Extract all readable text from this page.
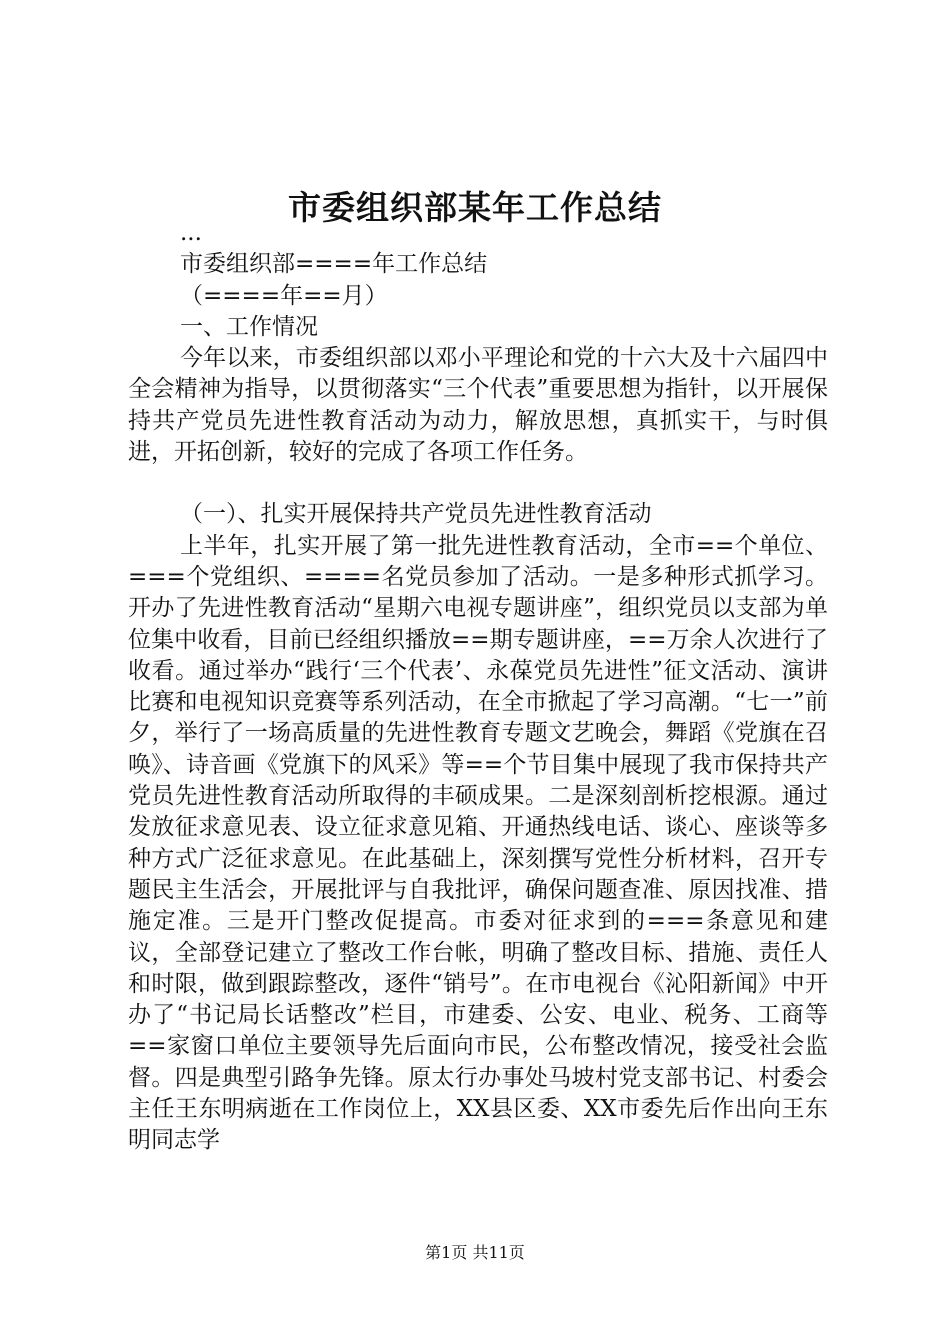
市委组织部某年工作总结

...

市委组织部====年工作总结

（====年==月）

一、工作情况

今年以来，市委组织部以邓小平理论和党的十六大及十六届四中全会精神为指导，以贯彻落实“三个代表”重要思想为指针，以开展保持共产党员先进性教育活动为动力，解放思想，真抓实干，与时俱进，开拓创新，较好的完成了各项工作任务。

（一）、扎实开展保持共产党员先进性教育活动

上半年，扎实开展了第一批先进性教育活动，全市==个单位、===个党组织、====名党员参加了活动。一是多种形式抓学习。开办了先进性教育活动“星期六电视专题讲座”，组织党员以支部为单位集中收看，目前已经组织播放==期专题讲座，==万余人次进行了收看。通过举办“践行‘三个代表’、永葆党员先进性”征文活动、演讲比赛和电视知识竞赛等系列活动，在全市掀起了学习高潮。“七一”前夕，举行了一场高质量的先进性教育专题文艺晚会，舞蹈《党旗在召唤》、诗音画《党旗下的风采》等==个节目集中展现了我市保持共产党员先进性教育活动所取得的丰硕成果。二是深刻剖析挖根源。通过发放征求意见表、设立征求意见箱、开通热线电话、谈心、座谈等多种方式广泛征求意见。在此基础上，深刻撰写党性分析材料，召开专题民主生活会，开展批评与自我批评，确保问题查准、原因找准、措施定准。三是开门整改促提高。市委对征求到的===条意见和建议，全部登记建立了整改工作台帐，明确了整改目标、措施、责任人和时限，做到跟踪整改，逐件“销号”。在市电视台《沁阳新闻》中开办了“书记局长话整改”栏目，市建委、公安、电业、税务、工商等==家窗口单位主要领导先后面向市民，公布整改情况，接受社会监督。四是典型引路争先锋。原太行办事处马坡村党支部书记、村委会主任王东明病逝在工作岗位上，XX县区委、XX市委先后作出向王东明同志学

第1页 共11页
